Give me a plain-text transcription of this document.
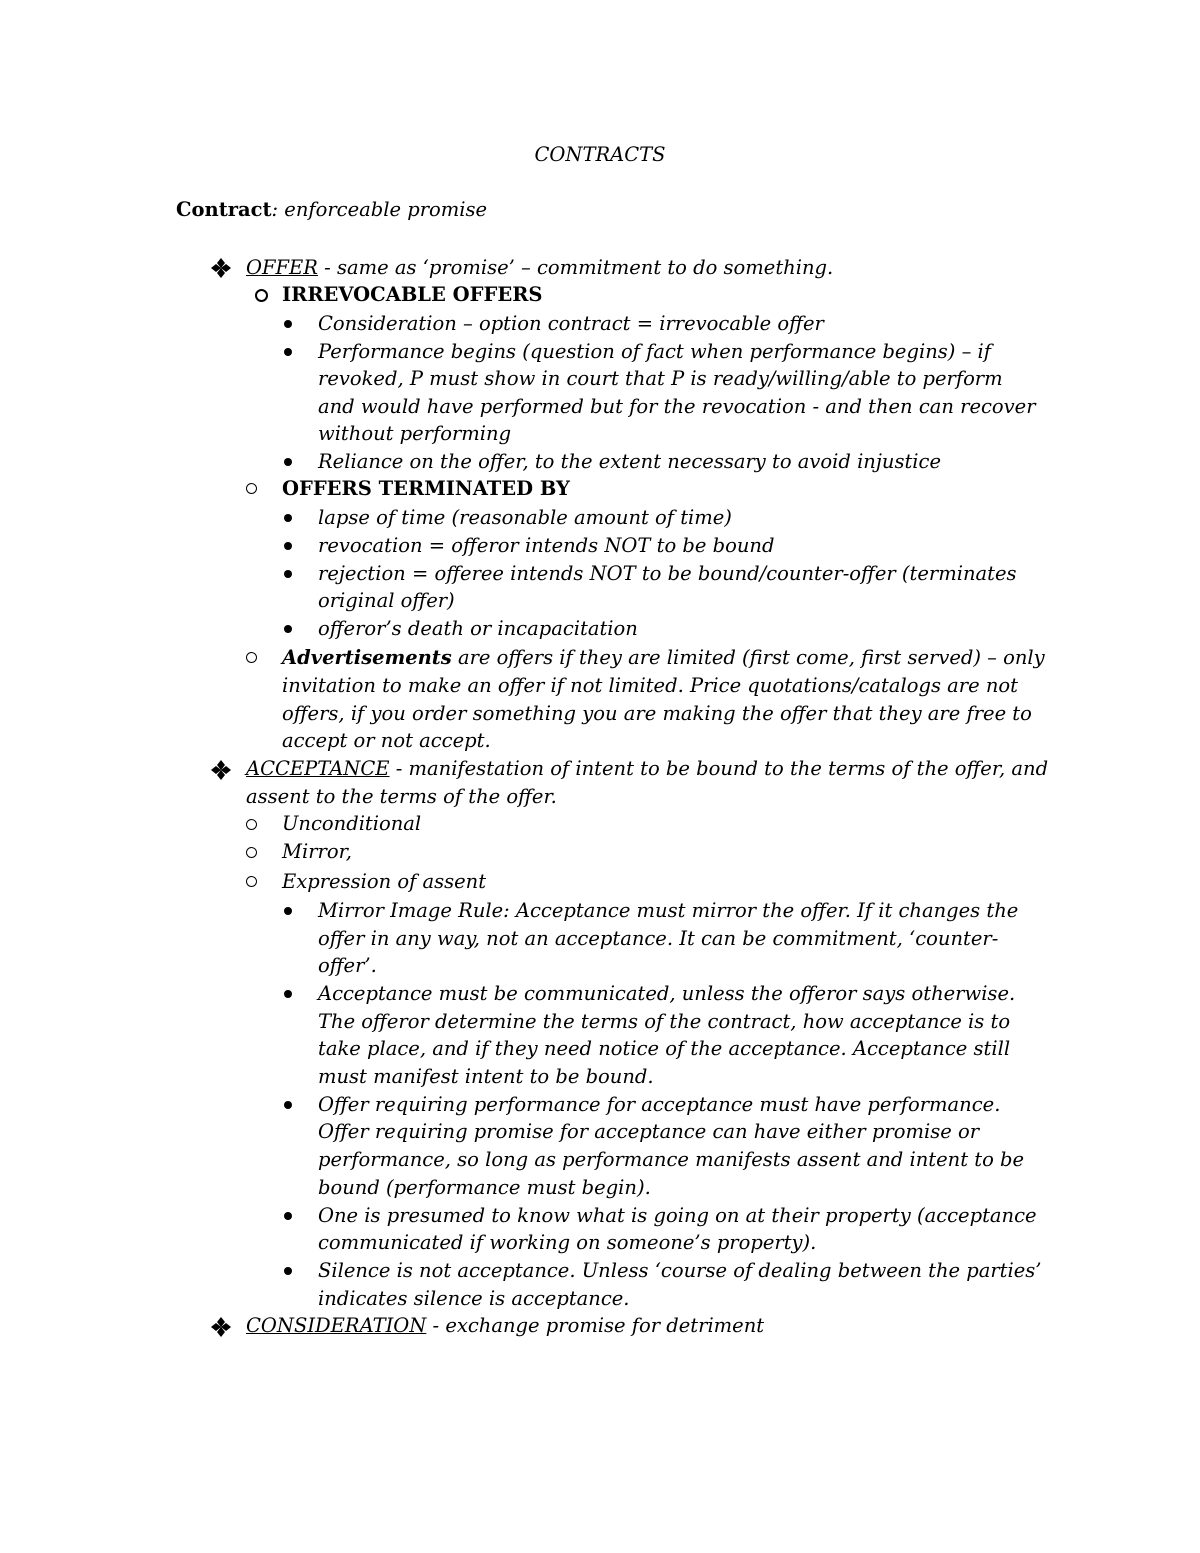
CONTRACTS
Contract: enforceable promise
OFFER - same as ‘promise’ – commitment to do something.
IRREVOCABLE OFFERS
Consideration – option contract = irrevocable offer
Performance begins (question of fact when performance begins) – if
revoked, P must show in court that P is ready/willing/able to perform
and would have performed but for the revocation - and then can recover
without performing
Reliance on the offer, to the extent necessary to avoid injustice
OFFERS TERMINATED BY
lapse of time (reasonable amount of time)
revocation = offeror intends NOT to be bound
rejection = offeree intends NOT to be bound/counter-offer (terminates
original offer)
offeror’s death or incapacitation
Advertisements are offers if they are limited (first come, first served) – only
invitation to make an offer if not limited. Price quotations/catalogs are not
offers, if you order something you are making the offer that they are free to
accept or not accept.
ACCEPTANCE - manifestation of intent to be bound to the terms of the offer, and
assent to the terms of the offer.
Unconditional
Mirror,
Expression of assent
Mirror Image Rule: Acceptance must mirror the offer. If it changes the
offer in any way, not an acceptance. It can be commitment, ‘counter-
offer’.
Acceptance must be communicated, unless the offeror says otherwise.
The offeror determine the terms of the contract, how acceptance is to
take place, and if they need notice of the acceptance. Acceptance still
must manifest intent to be bound.
Offer requiring performance for acceptance must have performance.
Offer requiring promise for acceptance can have either promise or
performance, so long as performance manifests assent and intent to be
bound (performance must begin).
One is presumed to know what is going on at their property (acceptance
communicated if working on someone’s property).
Silence is not acceptance. Unless ‘course of dealing between the parties’
indicates silence is acceptance.
CONSIDERATION - exchange promise for detriment
